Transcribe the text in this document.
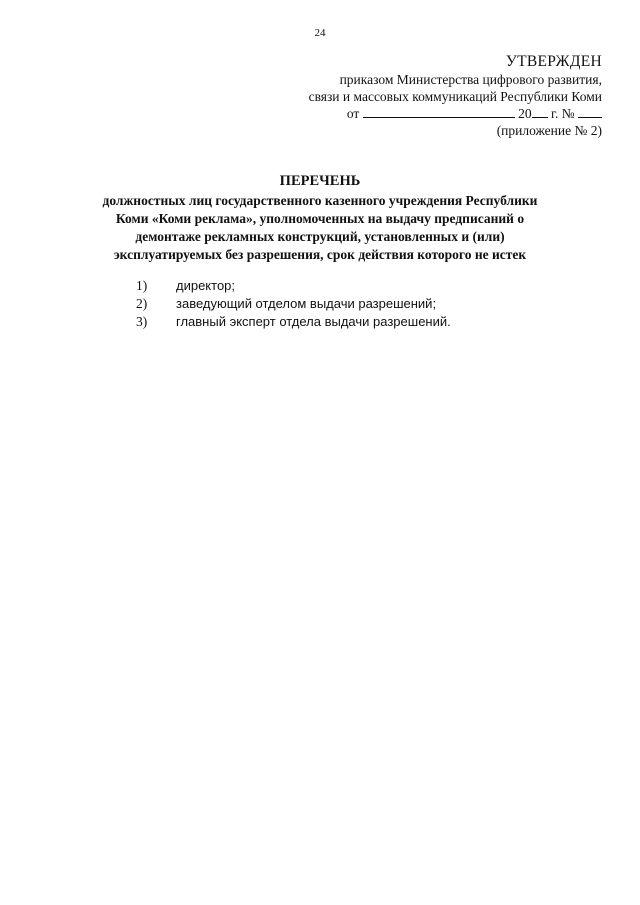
24
УТВЕРЖДЕН
приказом Министерства цифрового развития,
связи и массовых коммуникаций Республики Коми
от	20 г. №
(приложение № 2)
ПЕРЕЧЕНЬ
должностных лиц государственного казенного учреждения Республики
Коми «Коми реклама», уполномоченных на выдачу предписаний о
демонтаже рекламных конструкций, установленных и (или)
эксплуатируемых без разрешения, срок действия которого не истек
1)	директор;
2)	заведующий отделом выдачи разрешений;
3)	главный эксперт отдела выдачи разрешений.
